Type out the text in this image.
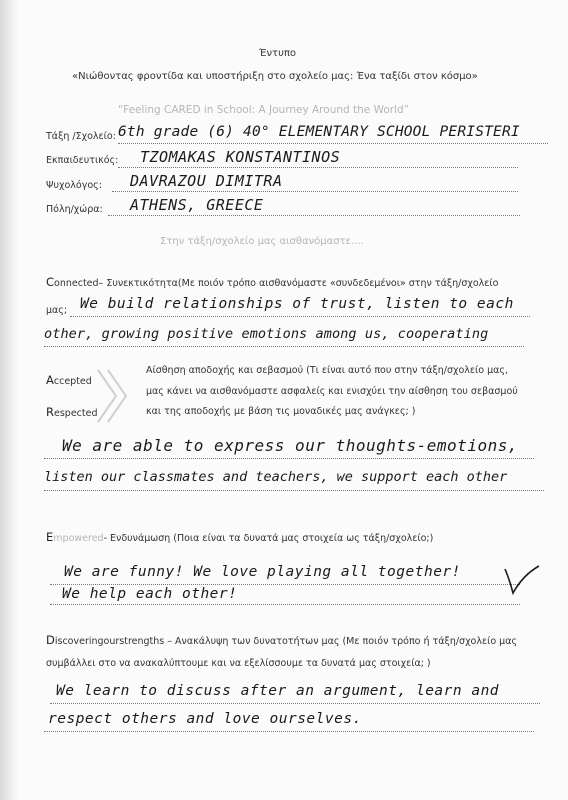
Έντυπο
«Νιώθοντας φροντίδα και υποστήριξη στο σχολείο μας: Ένα ταξίδι στον κόσμο»
“Feeling CARED in School: A Journey Around the World”
Τάξη /Σχολείο: 6th grade (6) 40° ELEMENTARY SCHOOL PERISTERI
Εκπαιδευτικός: TZOMAKAS KONSTANTINOS
Ψυχολόγος: DAVRAZOU DIMITRA
Πόλη/χώρα: ATHENS, GREECE
Στην τάξη/σχολείο μας αισθανόμαστε....
Connected– Συνεκτικότητα(Με ποιόν τρόπο αισθανόμαστε «συνδεδεμένοι» στην τάξη/σχολείο
μας; We build relationships of trust, listen to each
other, growing positive emotions among us, cooperating
Accepted
Respected
Αίσθηση αποδοχής και σεβασμού (Τι είναι αυτό που στην τάξη/σχολείο μας,
μας κάνει να αισθανόμαστε ασφαλείς και ενισχύει την αίσθηση του σεβασμού
και της αποδοχής με βάση τις μοναδικές μας ανάγκες; )
We are able to express our thoughts-emotions,
listen our classmates and teachers, we support each other
Empowered- Ενδυνάμωση (Ποια είναι τα δυνατά μας στοιχεία ως τάξη/σχολείο;)
We are funny! We love playing all together!
We help each other!
Discoveringourstrengths – Ανακάλυψη των δυνατοτήτων μας (Με ποιόν τρόπο ή τάξη/σχολείο μας
συμβάλλει στο να ανακαλύπτουμε και να εξελίσσουμε τα δυνατά μας στοιχεία; )
We learn to discuss after an argument, learn and
respect others and love ourselves.
